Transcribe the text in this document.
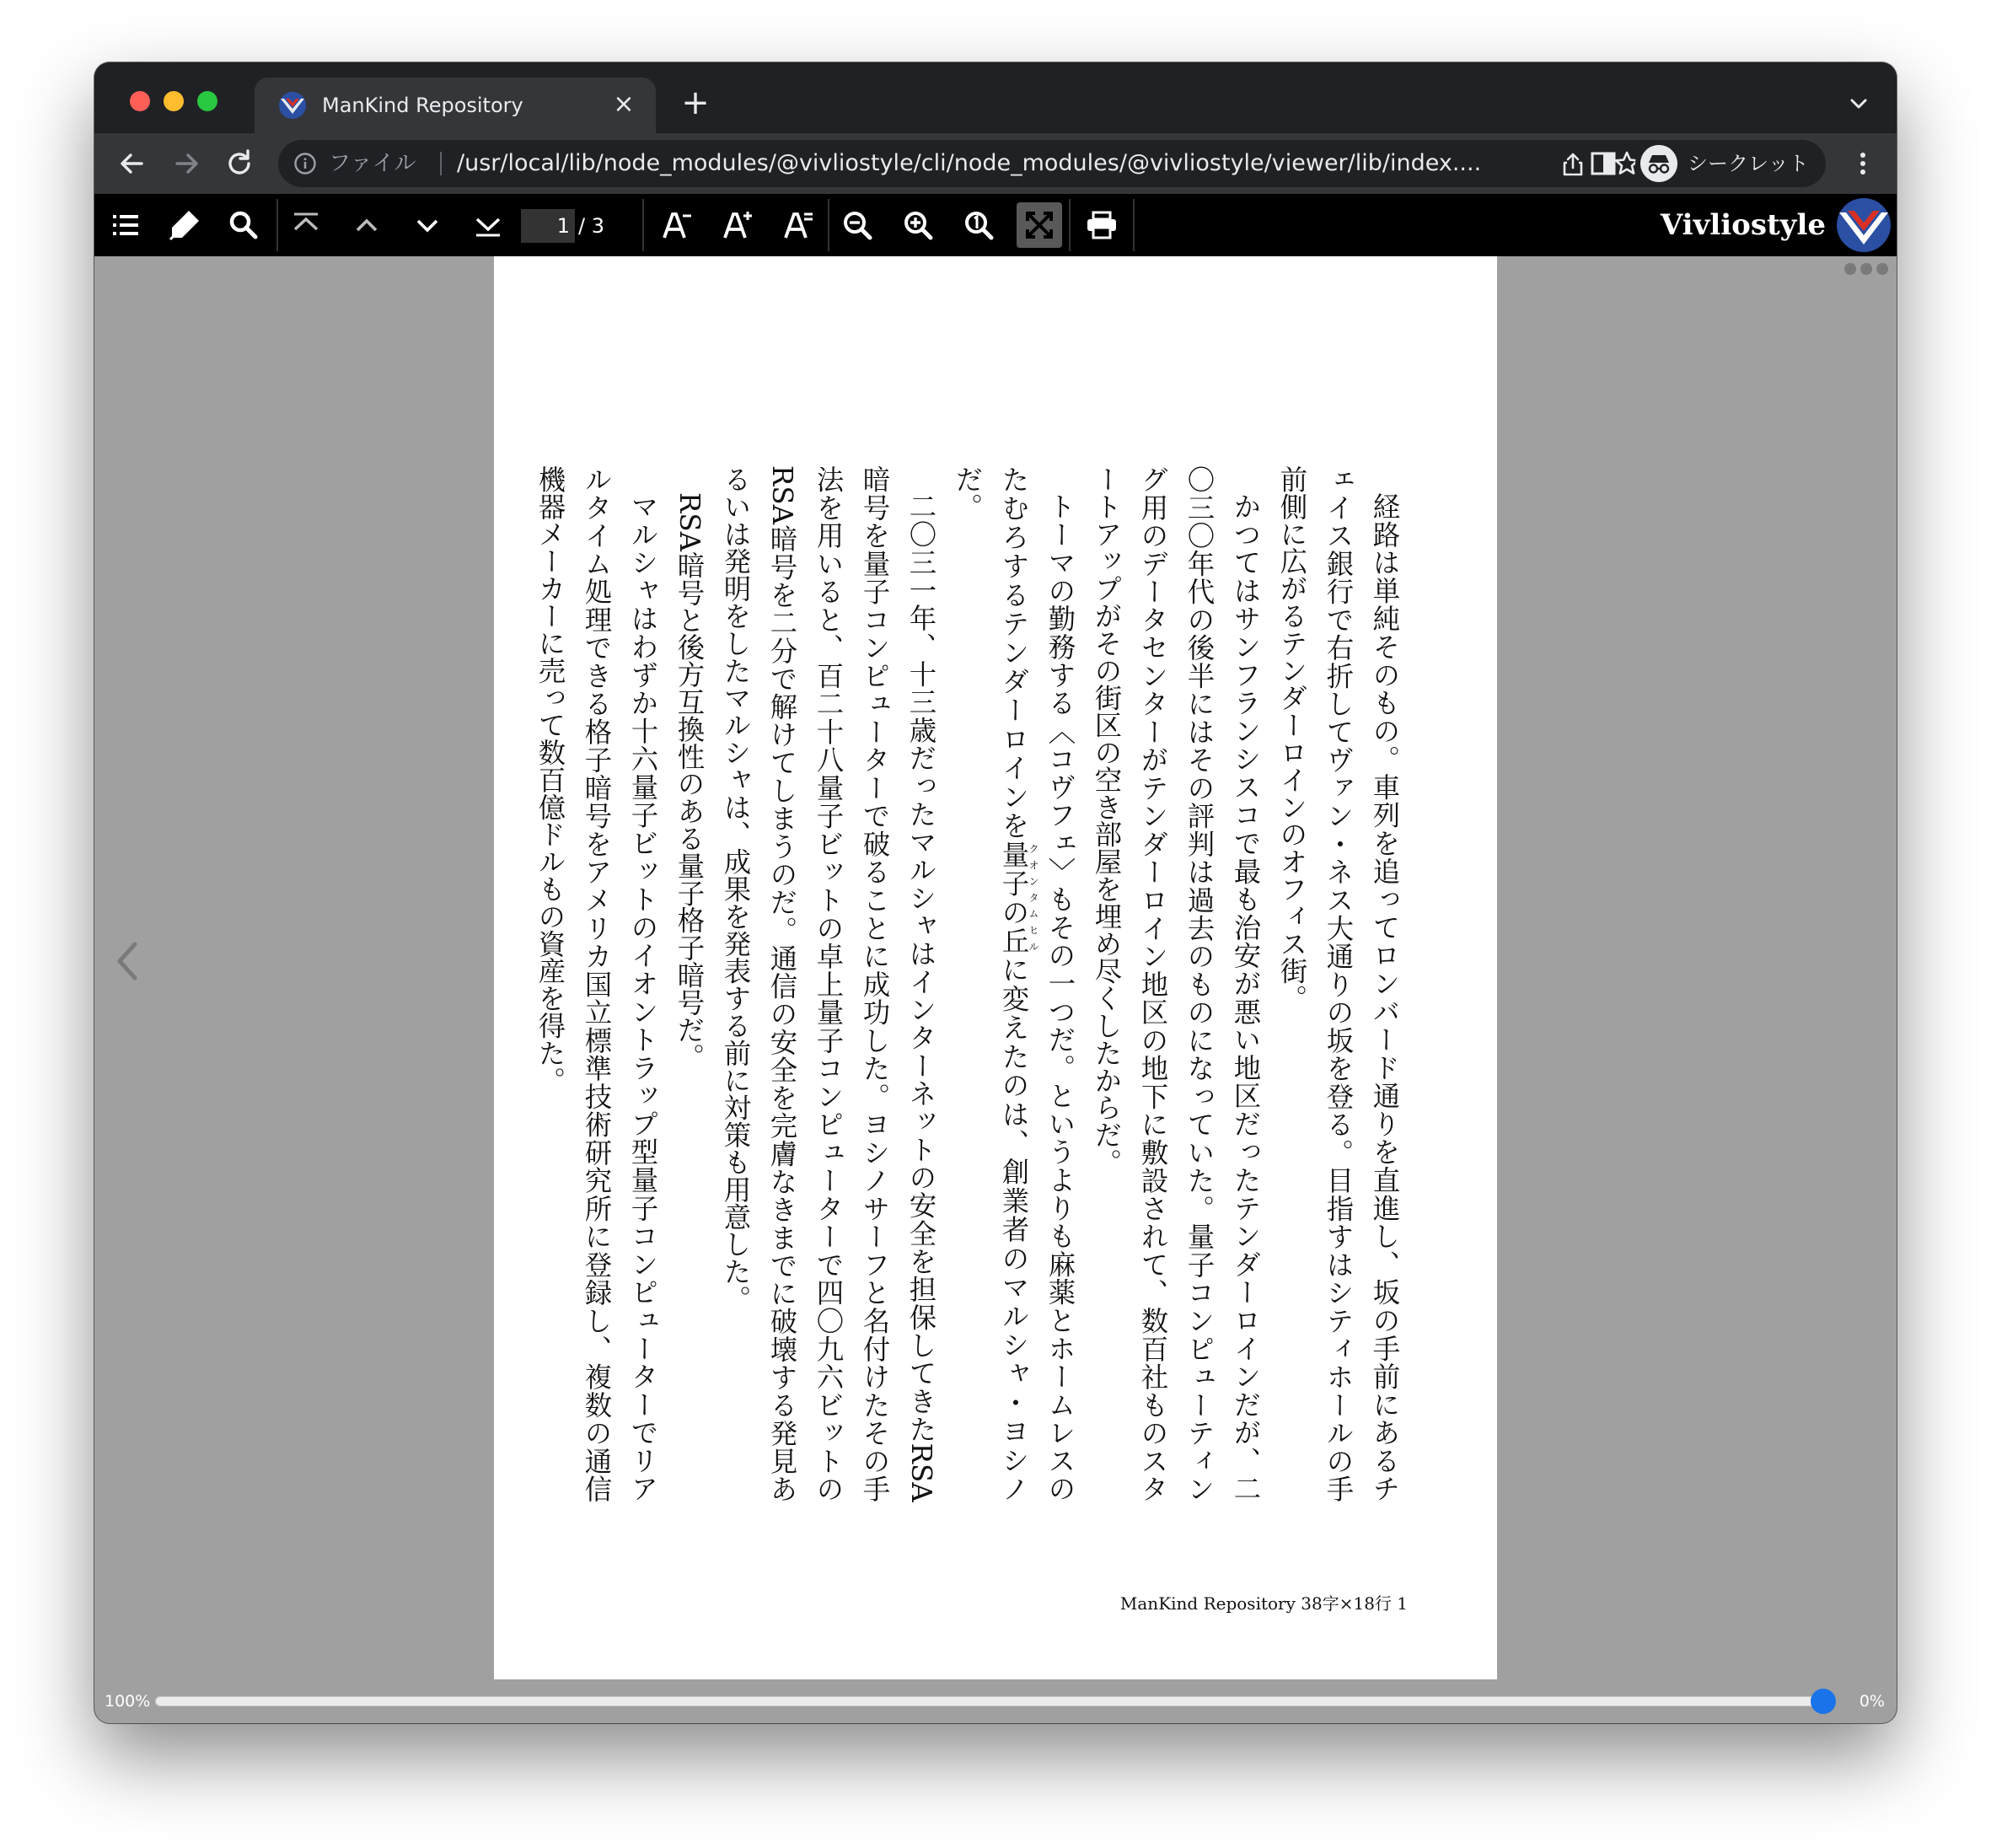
ManKind Repository	× +
ファイル /usr/local/lib/node_modules/@vivliostyle/cli/node_modules/@vivliostyle/viewer/lib/index....	シークレット
1 / 3	Vivliostyle

経路は単純そのもの。車列を追ってロンバード通りを直進し、坂の手前にあるチェイス銀行で右折してヴァン・ネス大通りの坂を登る。目指すはシティホールの手前側に広がるテンダーロインのオフィス街。

かつてはサンフランシスコで最も治安が悪い地区だったテンダーロインだが、二〇三〇年代の後半にはその評判は過去のものになっていた。量子コンピューティング用のデータセンターがテンダーロイン地区の地下に敷設されて、数百社ものスタートアップがその街区の空き部屋を埋め尽くしたからだ。

トーマの勤務する〈コヴフェ〉もその一つだ。というよりも麻薬とホームレスのたむろするテンダーロインを量子の丘クオンタムヒルに変えたのは、創業者のマルシャ・ヨシノだ。

二〇三一年、十三歳だったマルシャはインターネットの安全を担保してきたRSA暗号を量子コンピューターで破ることに成功した。ヨシノサーフと名付けたその手法を用いると、百二十八量子ビットの卓上量子コンピューターで四〇九六ビットのRSA暗号を二分で解けてしまうのだ。通信の安全を完膚なきまでに破壊する発見あるいは発明をしたマルシャは、成果を発表する前に対策も用意した。

RSA暗号と後方互換性のある量子格子暗号だ。

マルシャはわずか十六量子ビットのイオントラップ型量子コンピューターでリアルタイム処理できる格子暗号をアメリカ国立標準技術研究所に登録し、複数の通信機器メーカーに売って数百億ドルもの資産を得た。

ManKind Repository 38字×18行 1
100%	0%
